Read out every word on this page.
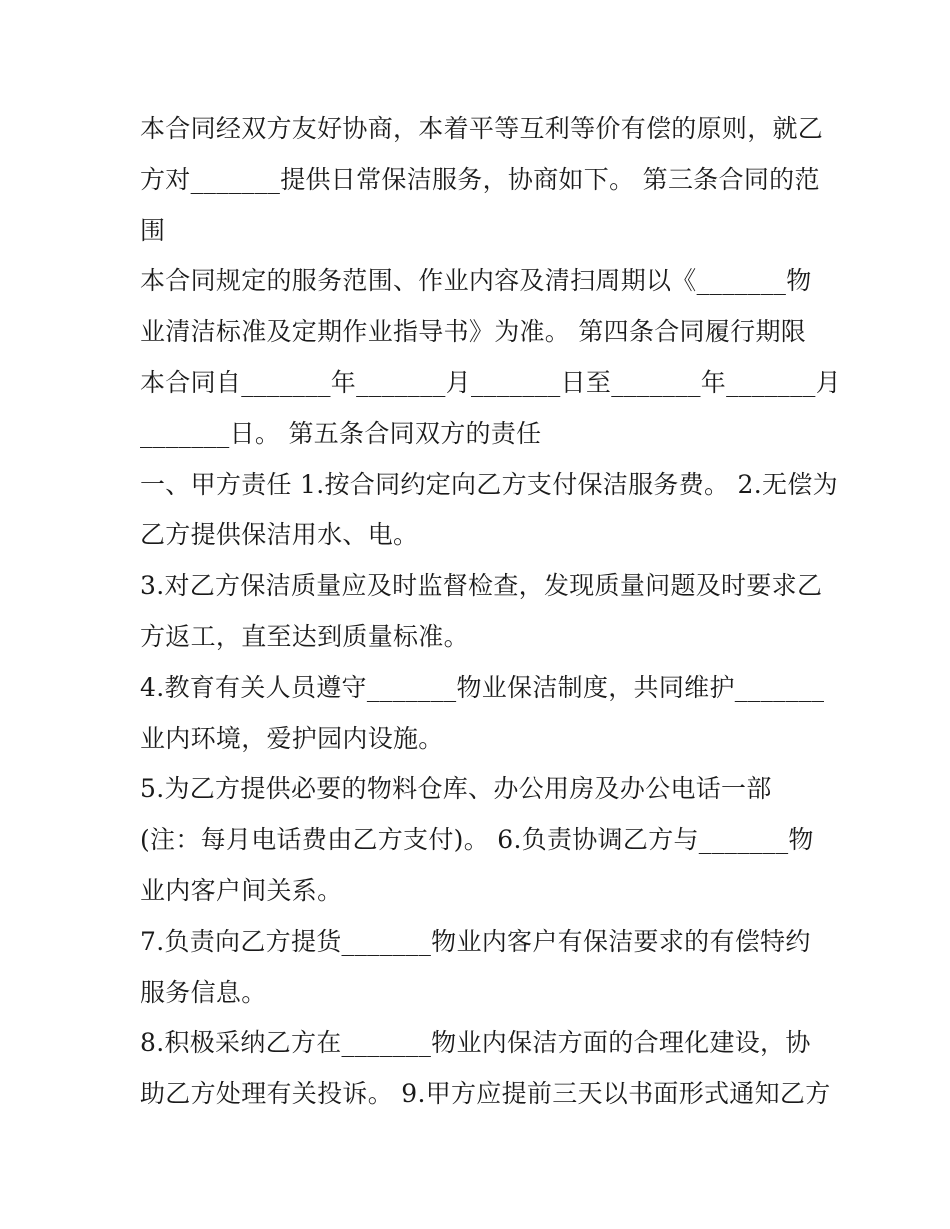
本合同经双方友好协商，本着平等互利等价有偿的原则，就乙
方对_______提供日常保洁服务，协商如下。 第三条合同的范
围
本合同规定的服务范围、作业内容及清扫周期以《_______物
业清洁标准及定期作业指导书》为准。 第四条合同履行期限
本合同自_______年_______月_______日至_______年_______月
_______日。 第五条合同双方的责任
一、甲方责任 1.按合同约定向乙方支付保洁服务费。 2.无偿为
乙方提供保洁用水、电。
3.对乙方保洁质量应及时监督检查，发现质量问题及时要求乙
方返工，直至达到质量标准。
4.教育有关人员遵守_______物业保洁制度，共同维护_______
业内环境，爱护园内设施。
5.为乙方提供必要的物料仓库、办公用房及办公电话一部
(注：每月电话费由乙方支付)。 6.负责协调乙方与_______物
业内客户间关系。
7.负责向乙方提货_______物业内客户有保洁要求的有偿特约
服务信息。
8.积极采纳乙方在_______物业内保洁方面的合理化建设，协
助乙方处理有关投诉。 9.甲方应提前三天以书面形式通知乙方
